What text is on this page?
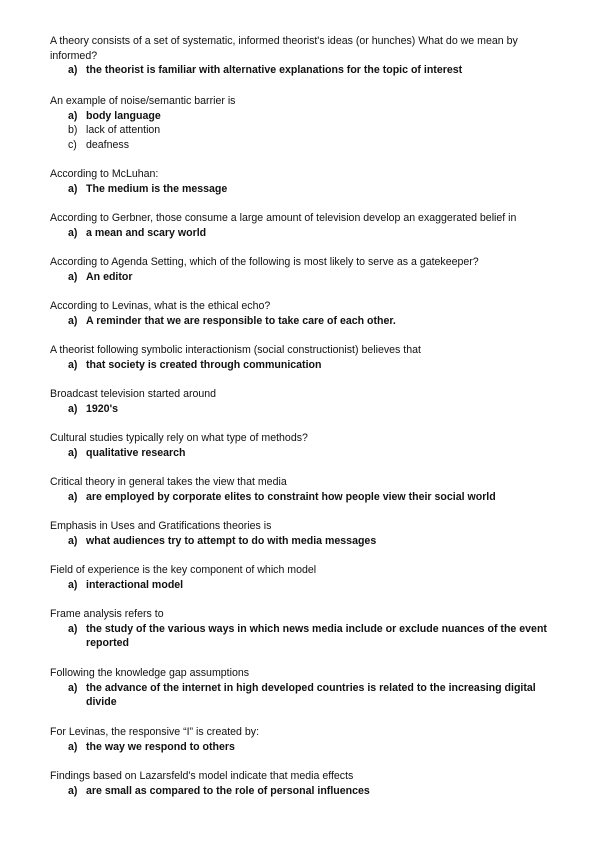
A theory consists of a set of systematic, informed theorist's ideas (or hunches) What do we mean by informed?
a) the theorist is familiar with alternative explanations for the topic of interest
An example of noise/semantic barrier is
a) body language
b) lack of attention
c) deafness
According to McLuhan:
a) The medium is the message
According to Gerbner, those consume a large amount of television develop an exaggerated belief in
a) a mean and scary world
According to Agenda Setting, which of the following is most likely to serve as a gatekeeper?
a) An editor
According to Levinas, what is the ethical echo?
a) A reminder that we are responsible to take care of each other.
A theorist following symbolic interactionism (social constructionist) believes that
a) that society is created through communication
Broadcast television started around
a) 1920's
Cultural studies typically rely on what type of methods?
a) qualitative research
Critical theory in general takes the view that media
a) are employed by corporate elites to constraint how people view their social world
Emphasis in Uses and Gratifications theories is
a) what audiences try to attempt to do with media messages
Field of experience is the key component of which model
a) interactional model
Frame analysis refers to
a) the study of the various ways in which news media include or exclude nuances of the event reported
Following the knowledge gap assumptions
a) the advance of the internet in high developed countries is related to the increasing digital divide
For Levinas, the responsive “I” is created by:
a) the way we respond to others
Findings based on Lazarsfeld's model indicate that media effects
a) are small as compared to the role of personal influences
